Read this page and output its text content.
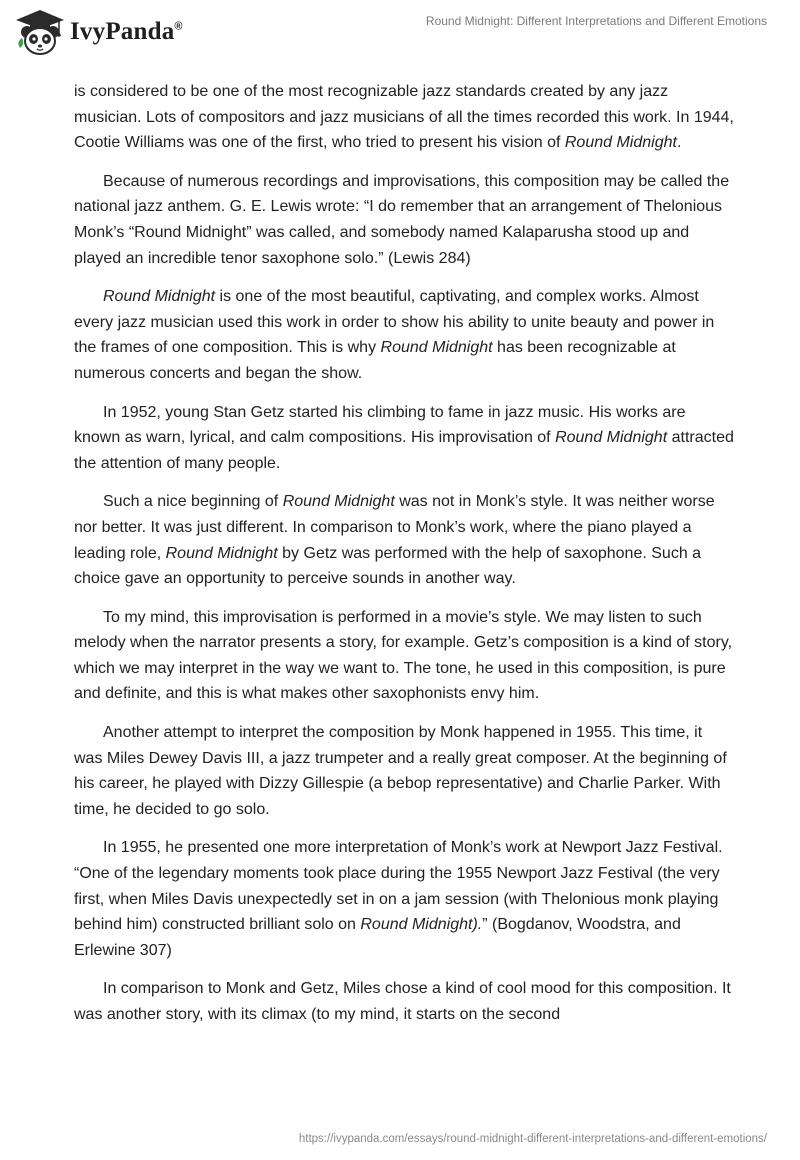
IvyPanda®	Round Midnight: Different Interpretations and Different Emotions

is considered to be one of the most recognizable jazz standards created by any jazz musician. Lots of compositors and jazz musicians of all the times recorded this work. In 1944, Cootie Williams was one of the first, who tried to present his vision of Round Midnight.

Because of numerous recordings and improvisations, this composition may be called the national jazz anthem. G. E. Lewis wrote: “I do remember that an arrangement of Thelonious Monk’s “Round Midnight” was called, and somebody named Kalaparusha stood up and played an incredible tenor saxophone solo.” (Lewis 284)

Round Midnight is one of the most beautiful, captivating, and complex works. Almost every jazz musician used this work in order to show his ability to unite beauty and power in the frames of one composition. This is why Round Midnight has been recognizable at numerous concerts and began the show.

In 1952, young Stan Getz started his climbing to fame in jazz music. His works are known as warn, lyrical, and calm compositions. His improvisation of Round Midnight attracted the attention of many people.

Such a nice beginning of Round Midnight was not in Monk’s style. It was neither worse nor better. It was just different. In comparison to Monk’s work, where the piano played a leading role, Round Midnight by Getz was performed with the help of saxophone. Such a choice gave an opportunity to perceive sounds in another way.

To my mind, this improvisation is performed in a movie’s style. We may listen to such melody when the narrator presents a story, for example. Getz’s composition is a kind of story, which we may interpret in the way we want to. The tone, he used in this composition, is pure and definite, and this is what makes other saxophonists envy him.

Another attempt to interpret the composition by Monk happened in 1955. This time, it was Miles Dewey Davis III, a jazz trumpeter and a really great composer. At the beginning of his career, he played with Dizzy Gillespie (a bebop representative) and Charlie Parker. With time, he decided to go solo.

In 1955, he presented one more interpretation of Monk’s work at Newport Jazz Festival. “One of the legendary moments took place during the 1955 Newport Jazz Festival (the very first, when Miles Davis unexpectedly set in on a jam session (with Thelonious monk playing behind him) constructed brilliant solo on Round Midnight).” (Bogdanov, Woodstra, and Erlewine 307)

In comparison to Monk and Getz, Miles chose a kind of cool mood for this composition. It was another story, with its climax (to my mind, it starts on the second

https://ivypanda.com/essays/round-midnight-different-interpretations-and-different-emotions/
